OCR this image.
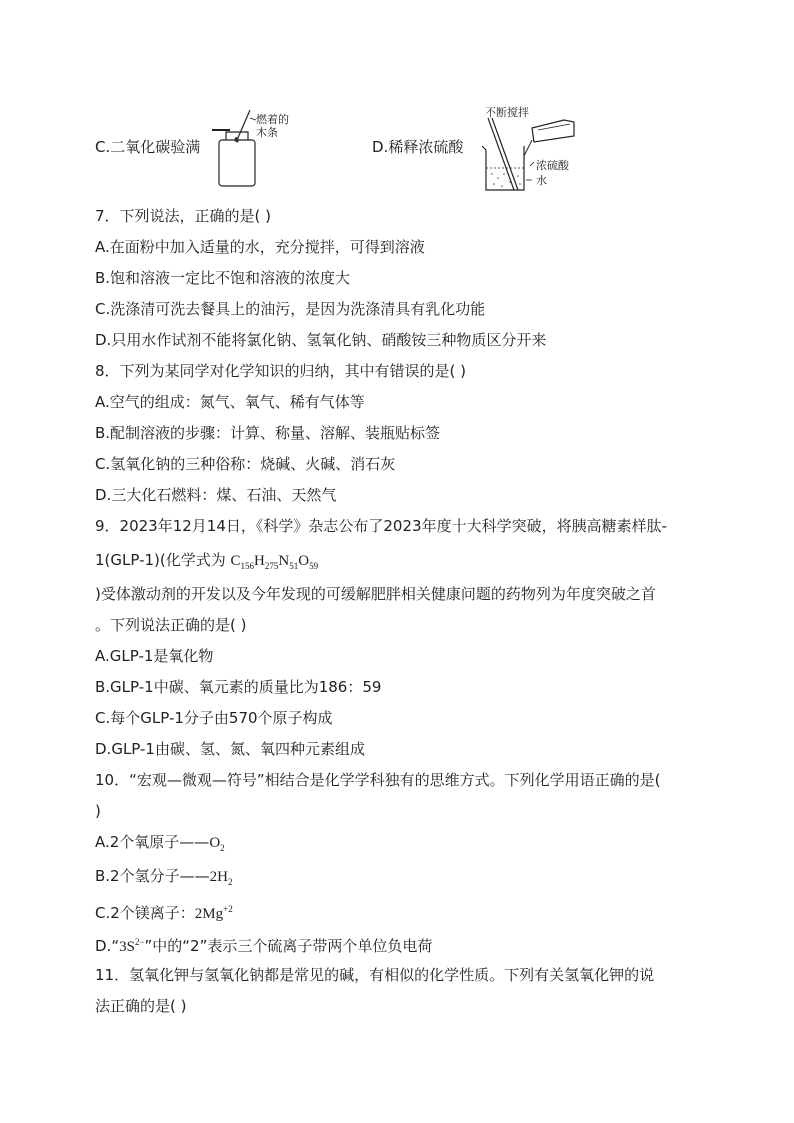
C.二氧化碳验满
燃着的
木条
D.稀释浓硫酸
不断搅拌
浓硫酸
水
7．下列说法，正确的是( )
A.在面粉中加入适量的水，充分搅拌，可得到溶液
B.饱和溶液一定比不饱和溶液的浓度大
C.洗涤清可洗去餐具上的油污，是因为洗涤清具有乳化功能
D.只用水作试剂不能将氯化钠、氢氧化钠、硝酸铵三种物质区分开来
8．下列为某同学对化学知识的归纳，其中有错误的是( )
A.空气的组成：氮气、氧气、稀有气体等
B.配制溶液的步骤：计算、称量、溶解、装瓶贴标签
C.氢氧化钠的三种俗称：烧碱、火碱、消石灰
D.三大化石燃料：煤、石油、天然气
9．2023年12月14日，《科学》杂志公布了2023年度十大科学突破，将胰高糖素样肽-
1(GLP-1)(化学式为 $C_{156}H_{275}N_{51}O_{59}$
)受体激动剂的开发以及今年发现的可缓解肥胖相关健康问题的药物列为年度突破之首
。下列说法正确的是( )
A.GLP-1是氧化物
B.GLP-1中碳、氧元素的质量比为186：59
C.每个GLP-1分子由570个原子构成
D.GLP-1由碳、氢、氮、氧四种元素组成
10．“宏观—微观—符号”相结合是化学学科独有的思维方式。下列化学用语正确的是(
)
A.2个氧原子$——O_2$
B.2个氢分子$——2H_2$
C.2个镁离子：$2Mg^{+2}$
$D.“3S^{2-}$”中的“2”表示三个硫离子带两个单位负电荷
11．氢氧化钾与氢氧化钠都是常见的碱，有相似的化学性质。下列有关氢氧化钾的说
法正确的是( )
